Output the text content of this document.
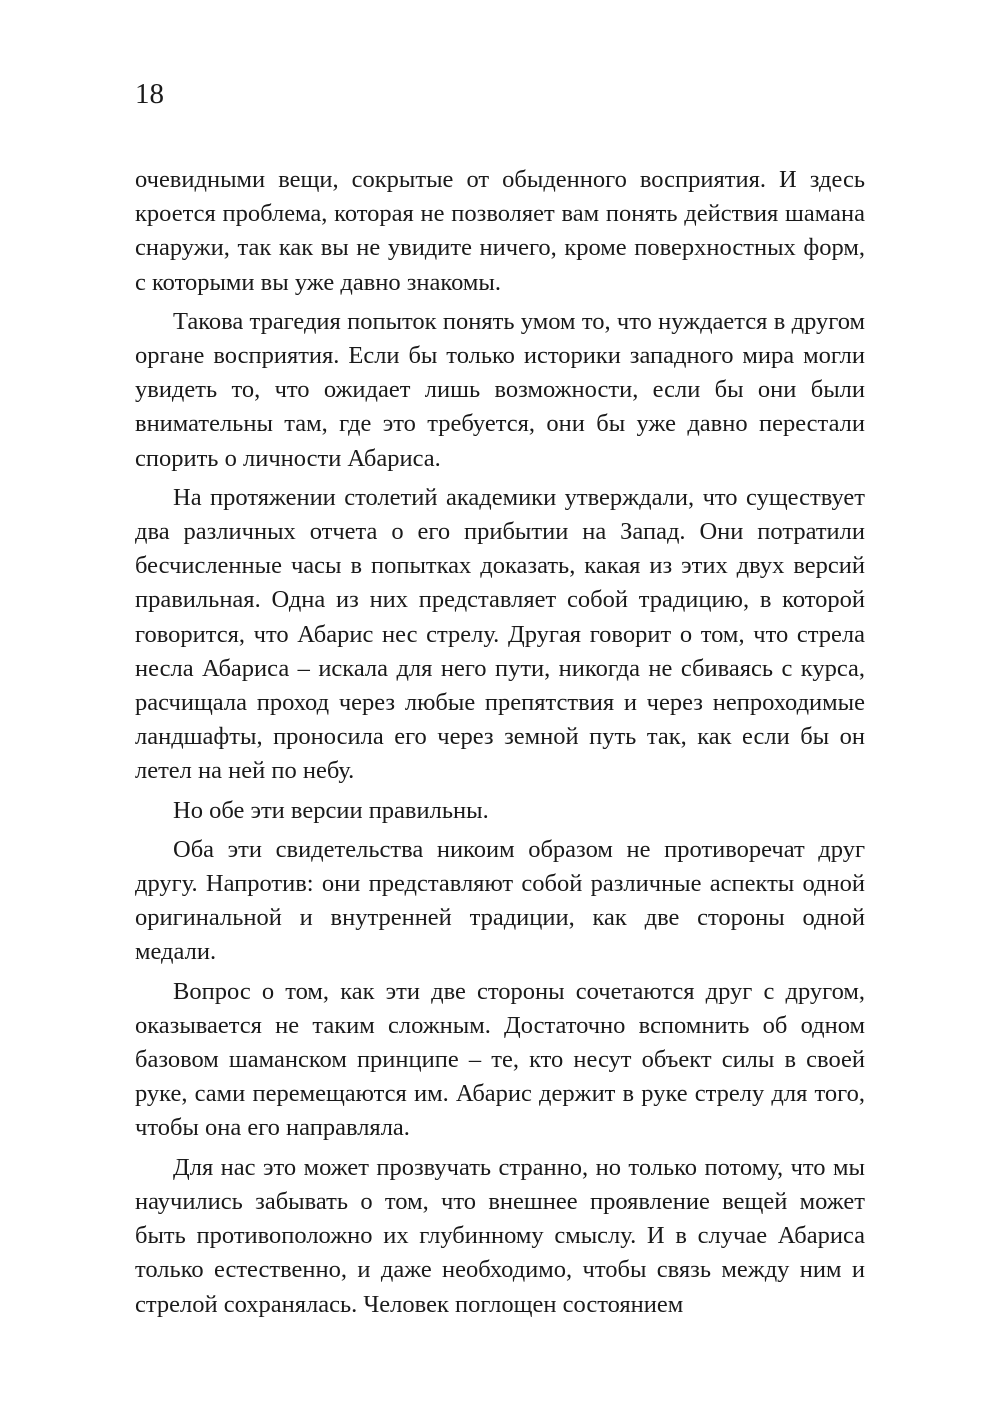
18

очевидными вещи, сокрытые от обыденного восприятия. И здесь кроется проблема, которая не позволяет вам понять действия шамана снаружи, так как вы не увидите ничего, кроме поверхностных форм, с которыми вы уже давно знакомы.

Такова трагедия попыток понять умом то, что нуждается в другом органе восприятия. Если бы только историки западного мира могли увидеть то, что ожидает лишь возможности, если бы они были внимательны там, где это требуется, они бы уже давно перестали спорить о личности Абариса.

На протяжении столетий академики утверждали, что существует два различных отчета о его прибытии на Запад. Они потратили бесчисленные часы в попытках доказать, какая из этих двух версий правильная. Одна из них представляет собой традицию, в которой говорится, что Абарис нес стрелу. Другая говорит о том, что стрела несла Абариса – искала для него пути, никогда не сбиваясь с курса, расчищала проход через любые препятствия и через непроходимые ландшафты, проносила его через земной путь так, как если бы он летел на ней по небу.

Но обе эти версии правильны.

Оба эти свидетельства никоим образом не противоречат друг другу. Напротив: они представляют собой различные аспекты одной оригинальной и внутренней традиции, как две стороны одной медали.

Вопрос о том, как эти две стороны сочетаются друг с другом, оказывается не таким сложным. Достаточно вспомнить об одном базовом шаманском принципе – те, кто несут объект силы в своей руке, сами перемещаются им. Абарис держит в руке стрелу для того, чтобы она его направляла.

Для нас это может прозвучать странно, но только потому, что мы научились забывать о том, что внешнее проявление вещей может быть противоположно их глубинному смыслу. И в случае Абариса только естественно, и даже необходимо, чтобы связь между ним и стрелой сохранялась. Человек поглощен состоянием
